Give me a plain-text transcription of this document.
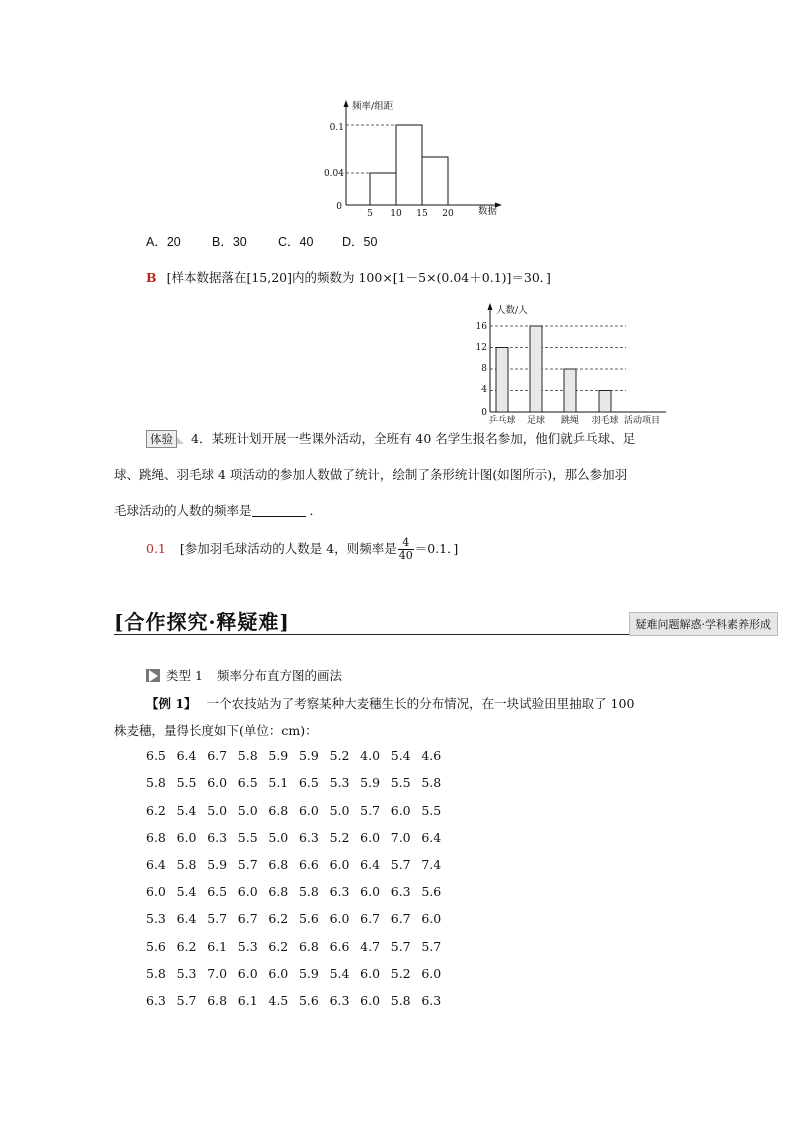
频率/组距
数据
0.1
0.04
0
5 10 15 20
A．20	B．30	C．40 D．50
B [样本数据落在[15,20]内的频数为 100×[1－5×(0.04＋0.1)]＝30．]
人数/人
活动项目
16
12
8
4
0
乒乓球 足球 跳绳 羽毛球
体验 4．某班计划开展一些课外活动，全班有 40 名学生报名参加，他们就乒乓球、足
球、跳绳、羽毛球 4 项活动的参加人数做了统计，绘制了条形统计图(如图所示)，那么参加羽
毛球活动的人数的频率是	．
0.1 [参加羽毛球活动的人数是 4，则频率是 $\frac{4}{40} =0.1$．]
[合作探究·释疑难]	疑难问题解惑·学科素养形成
类型 1 频率分布直方图的画法
【例 1】 一个农技站为了考察某种大麦穗生长的分布情况，在一块试验田里抽取了 100
株麦穗，量得长度如下(单位：cm)：
6.5 6.4 6.7 5.8 5.9 5.9 5.2 4.0 5.4 4.6
5.8 5.5 6.0 6.5 5.1 6.5 5.3 5.9 5.5 5.8
6.2 5.4 5.0 5.0 6.8 6.0 5.0 5.7 6.0 5.5
6.8 6.0 6.3 5.5 5.0 6.3 5.2 6.0 7.0 6.4
6.4 5.8 5.9 5.7 6.8 6.6 6.0 6.4 5.7 7.4
6.0 5.4 6.5 6.0 6.8 5.8 6.3 6.0 6.3 5.6
5.3 6.4 5.7 6.7 6.2 5.6 6.0 6.7 6.7 6.0
5.6 6.2 6.1 5.3 6.2 6.8 6.6 4.7 5.7 5.7
5.8 5.3 7.0 6.0 6.0 5.9 5.4 6.0 5.2 6.0
6.3 5.7 6.8 6.1 4.5 5.6 6.3 6.0 5.8 6.3
